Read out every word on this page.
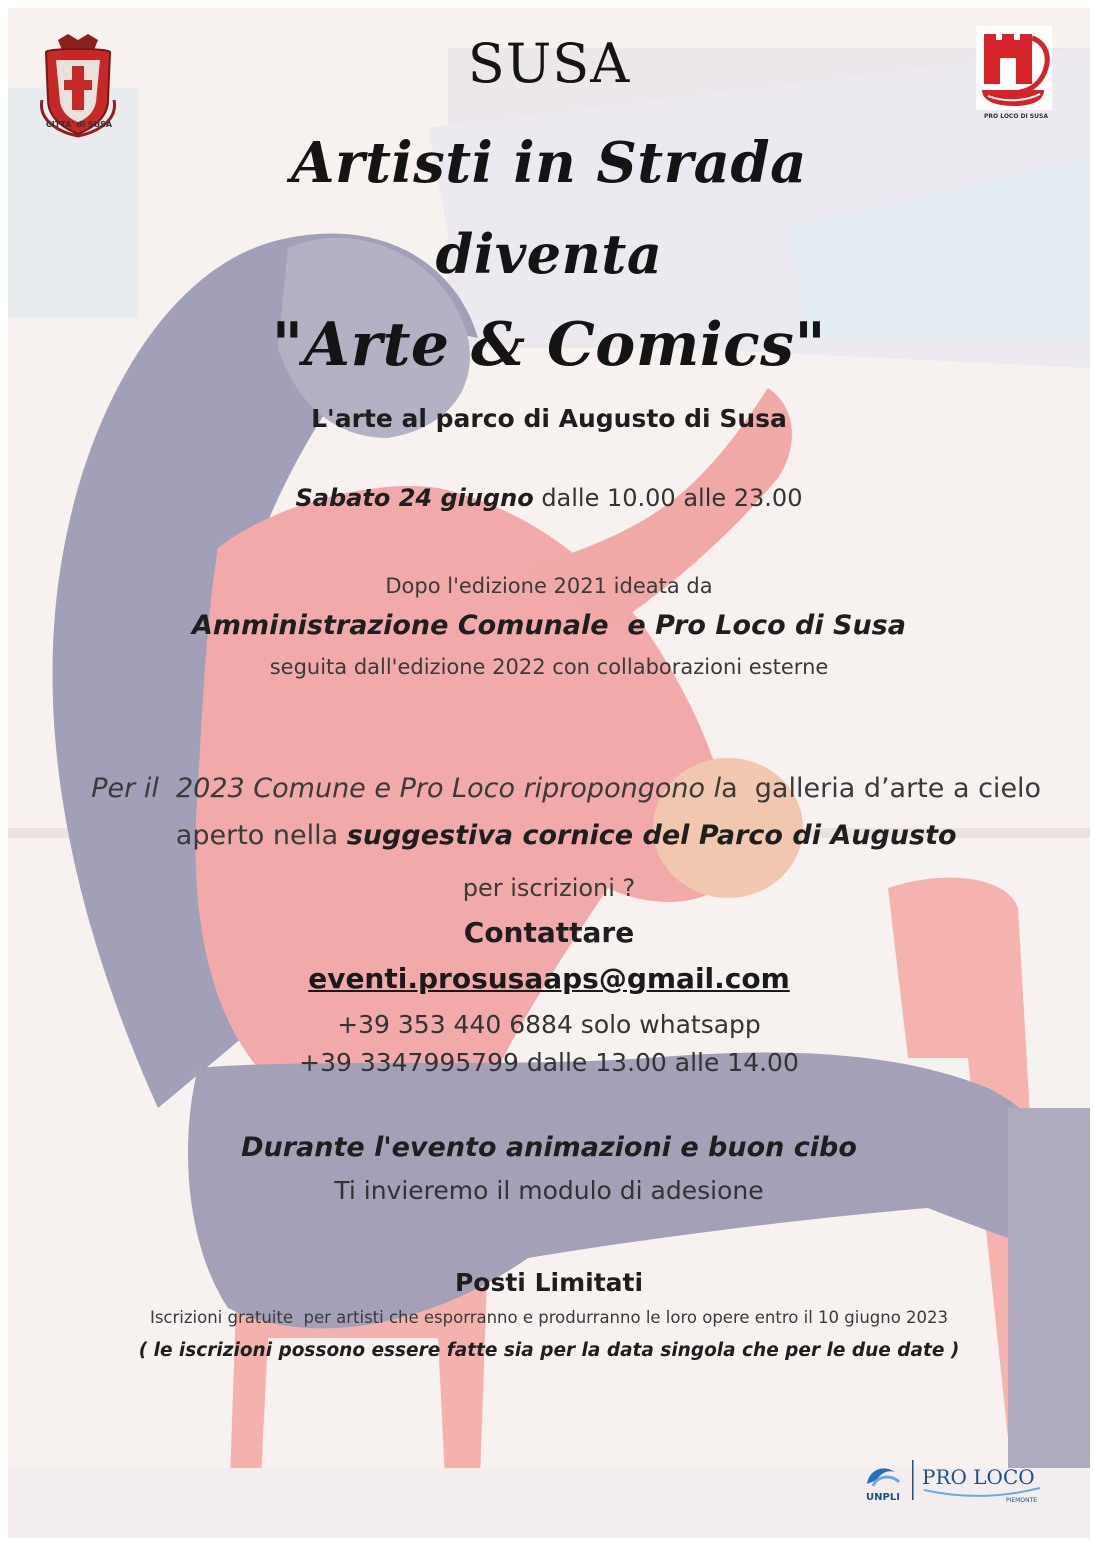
CITTA' di SUSA
PRO LOCO DI SUSA
SUSA
Artisti in Strada
diventa
"Arte & Comics"
L'arte al parco di Augusto di Susa
Sabato 24 giugno dalle 10.00 alle 23.00
Dopo l'edizione 2021 ideata da
Amministrazione Comunale  e Pro Loco di Susa
seguita dall'edizione 2022 con collaborazioni esterne

Per il  2023 Comune e Pro Loco ripropongono la  galleria d’arte a cielo

aperto nella suggestiva cornice del Parco di Augusto

per iscrizioni ?
Contattare
eventi.prosusaaps@gmail.com
+39 353 440 6884 solo whatsapp
+39 3347995799 dalle 13.00 alle 14.00
Durante l'evento animazioni e buon cibo
Ti invieremo il modulo di adesione
Posti Limitati
Iscrizioni gratuite  per artisti che esporranno e produrranno le loro opere entro il 10 giugno 2023
( le iscrizioni possono essere fatte sia per la data singola che per le due date )
UNPLI
PRO LOCO
PIEMONTE
